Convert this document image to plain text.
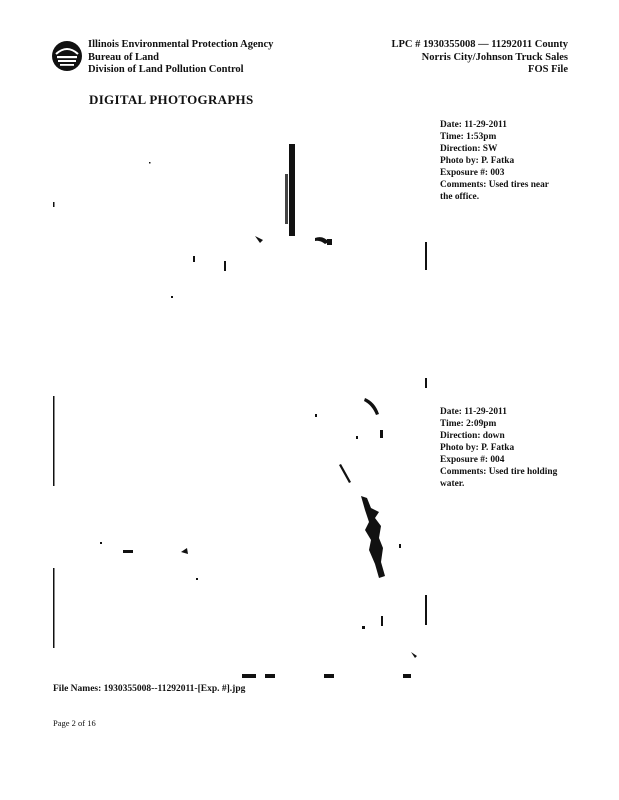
Illinois Environmental Protection Agency
Bureau of Land
Division of Land Pollution Control
LPC # 1930355008 — 11292011 County
Norris City/Johnson Truck Sales
FOS File
DIGITAL PHOTOGRAPHS
Date: 11-29-2011
Time: 1:53pm
Direction: SW
Photo by: P. Fatka
Exposure #: 003
Comments: Used tires near the office.
Date: 11-29-2011
Time: 2:09pm
Direction: down
Photo by: P. Fatka
Exposure #: 004
Comments: Used tire holding water.
File Names: 1930355008--11292011-[Exp. #].jpg
Page 2 of 16
